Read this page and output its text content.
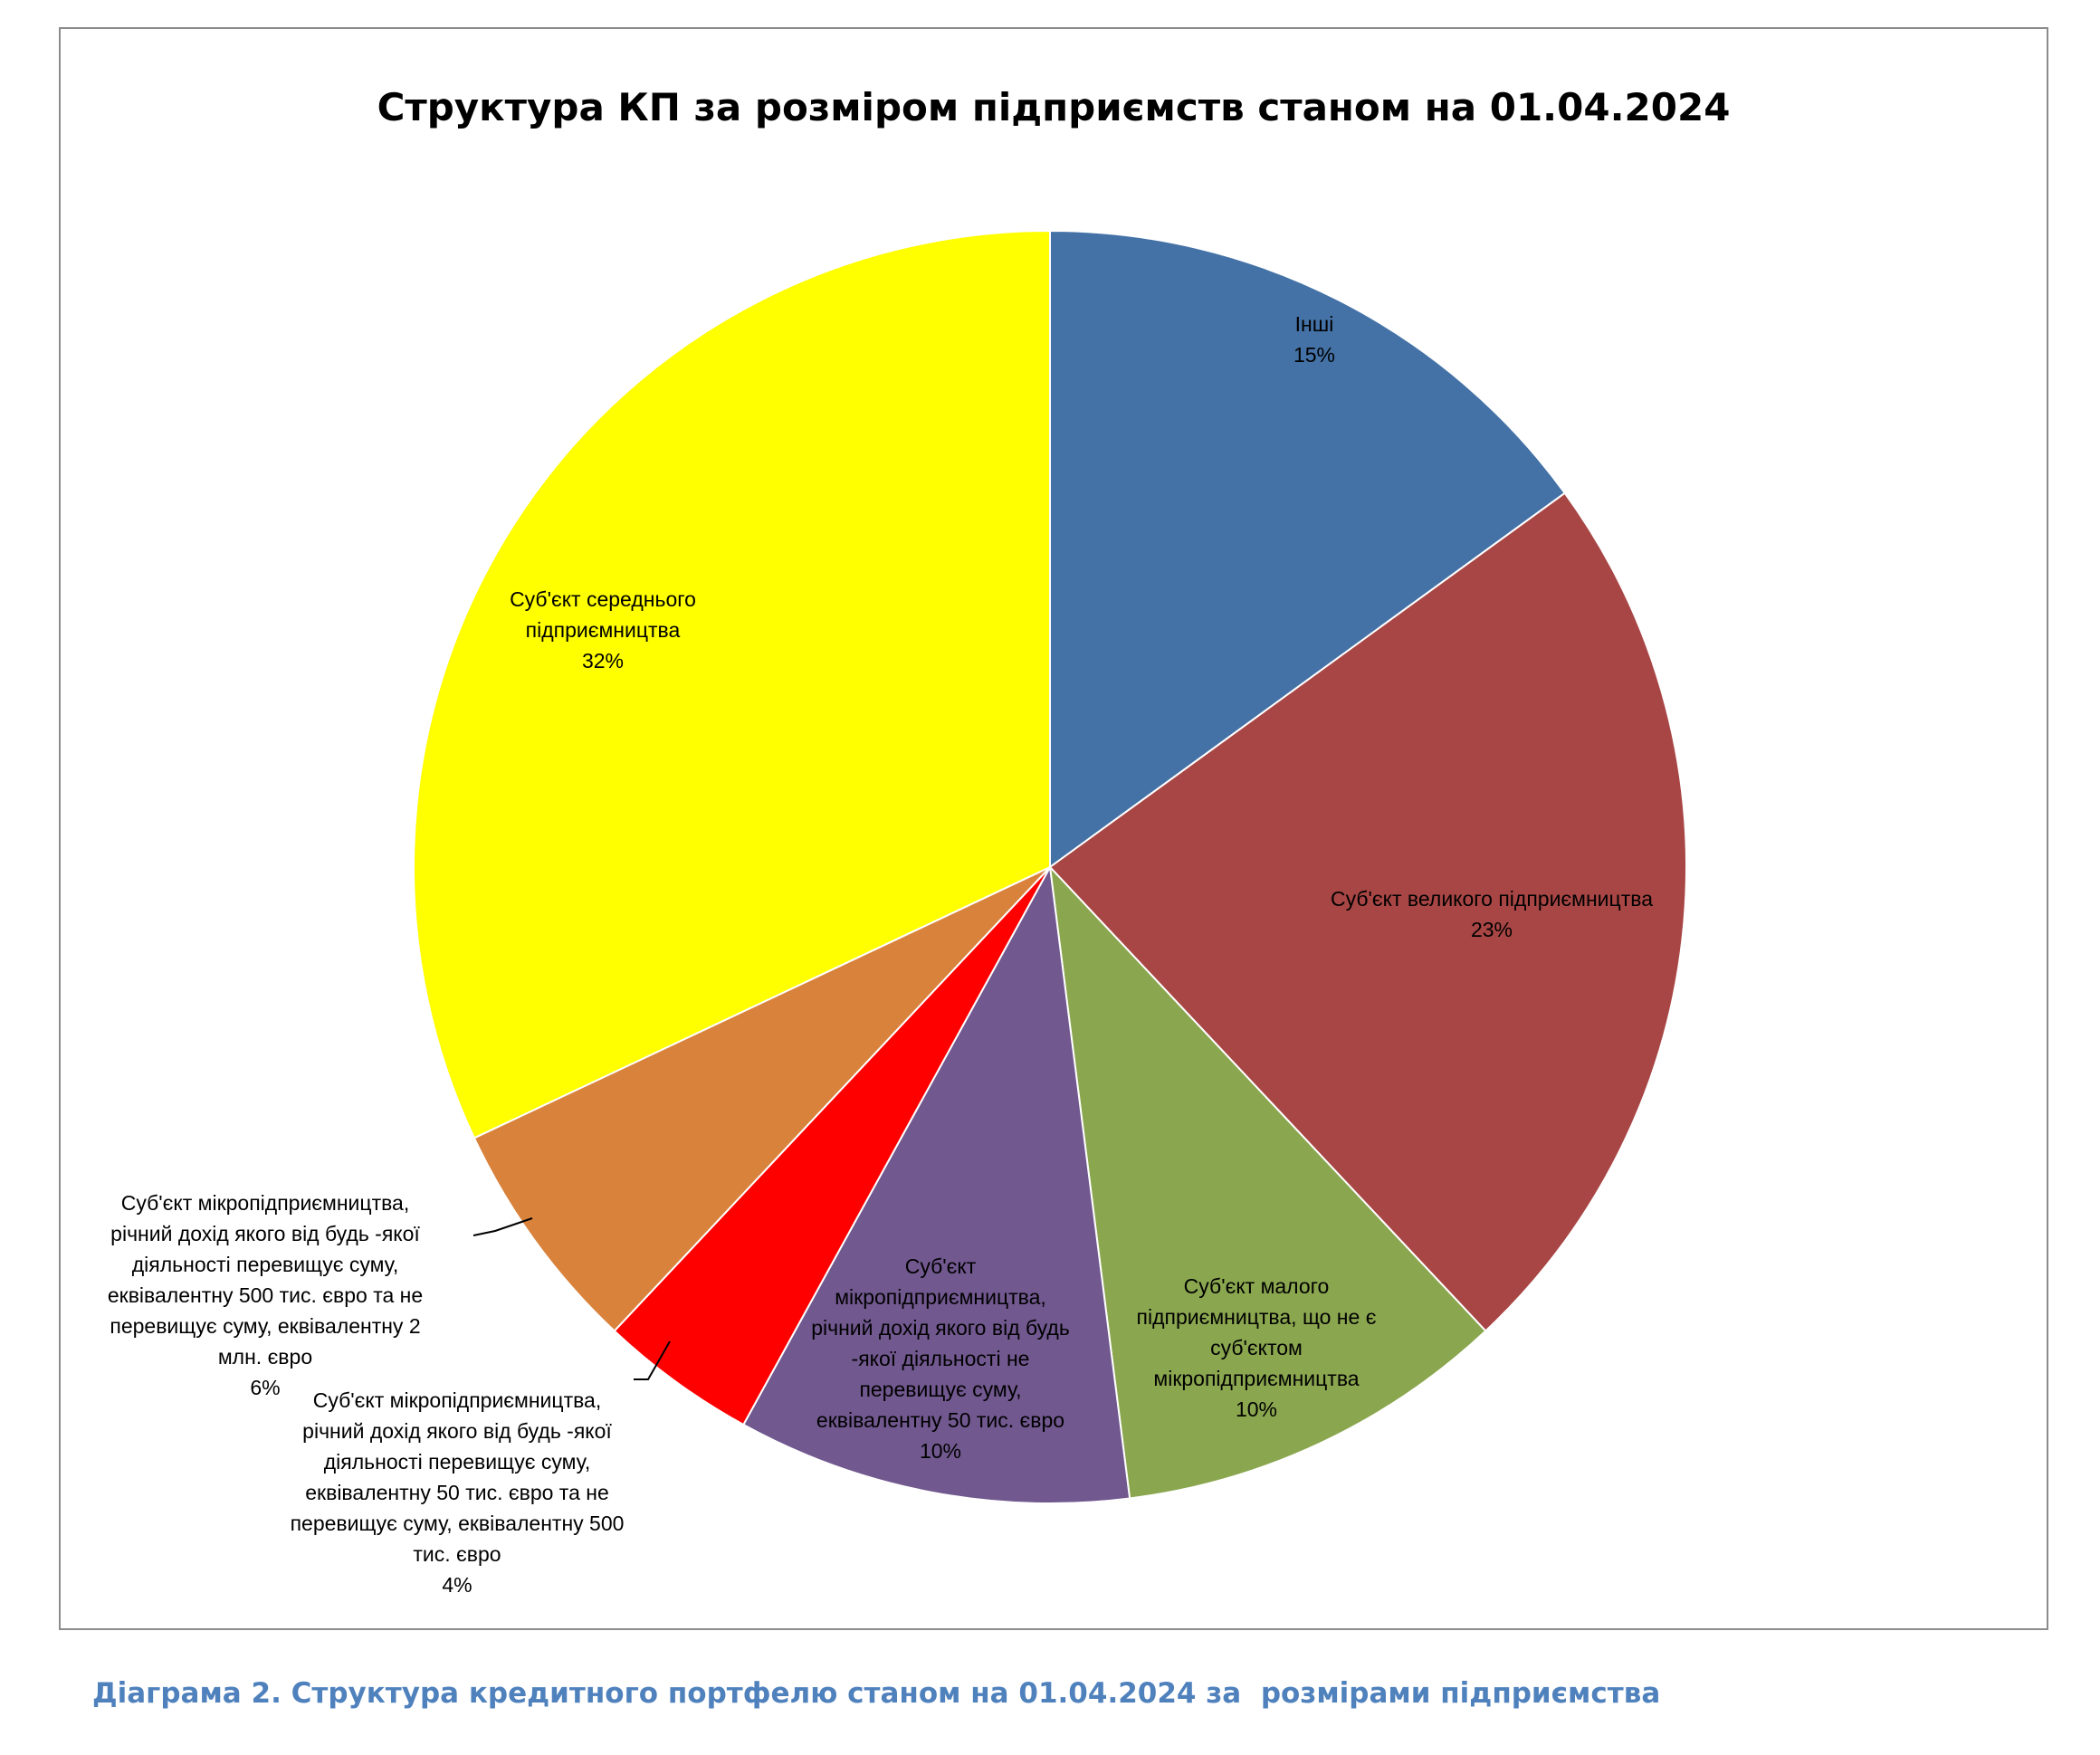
Структура КП за розміром підприємств станом на 01.04.2024
Інші 15%
Суб'єкт великого підприємництва 23%
Суб'єкт малого підприємництва, що не є суб'єктом мікропідприємництва 10%
Суб'єкт мікропідприємництва, річний дохід якого від будь -якої діяльності не перевищує суму, еквівалентну 50 тис. євро 10%
Суб'єкт мікропідприємництва, річний дохід якого від будь -якої діяльності перевищує суму, еквівалентну 50 тис. євро та не перевищує суму, еквівалентну 500 тис. євро 4%
Суб'єкт мікропідприємництва, річний дохід якого від будь -якої діяльності перевищує суму, еквівалентну 500 тис. євро та не перевищує суму, еквівалентну 2 млн. євро 6%
Суб'єкт середнього підприємництва 32%
Діаграма 2. Структура кредитного портфелю станом на 01.04.2024 за  розмірами підприємства
